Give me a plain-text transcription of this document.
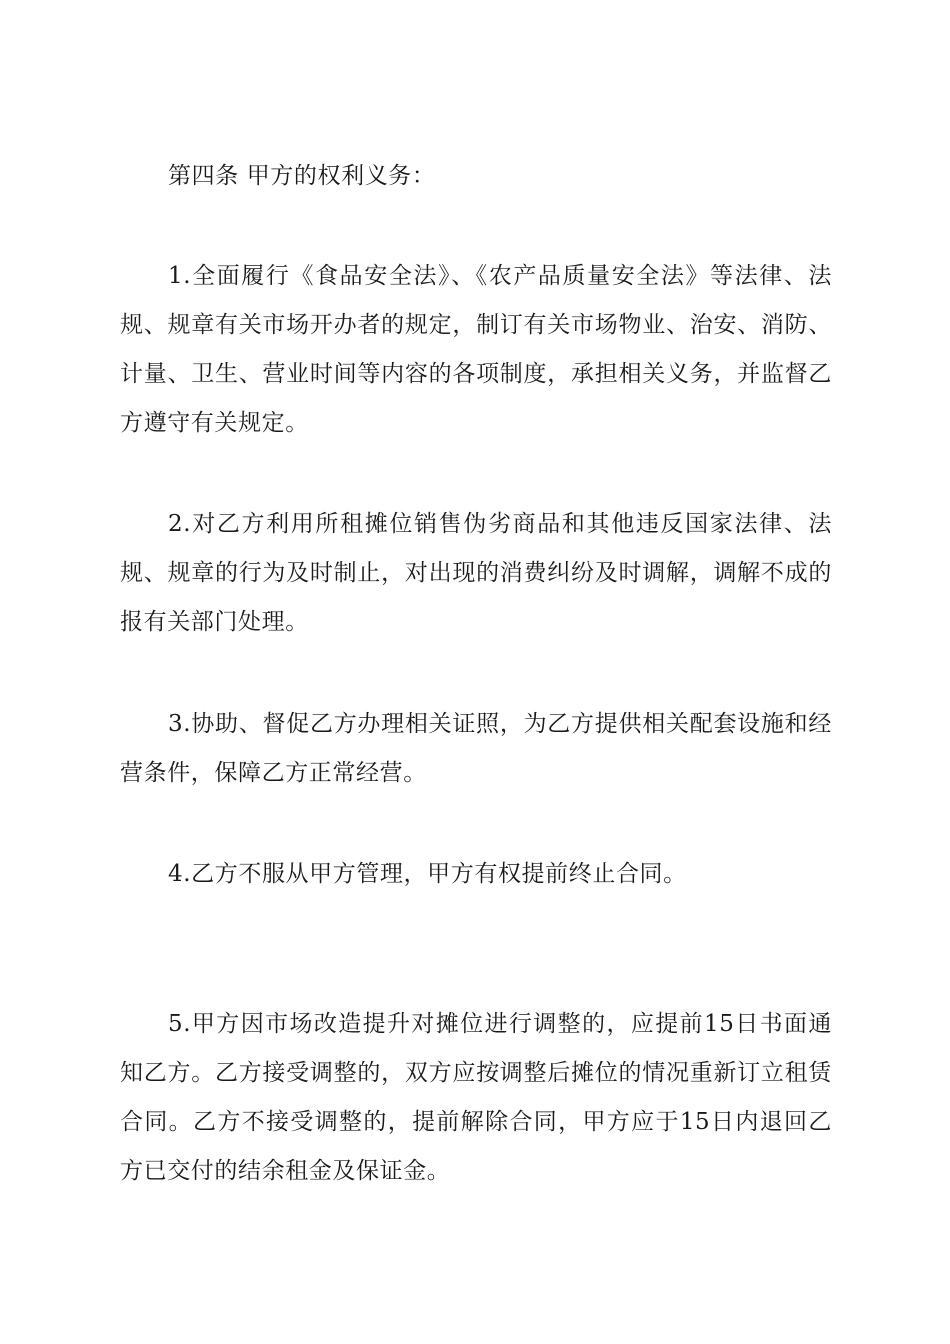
第四条 甲方的权利义务：

1.全面履行《食品安全法》、《农产品质量安全法》等法律、法规、规章有关市场开办者的规定，制订有关市场物业、治安、消防、计量、卫生、营业时间等内容的各项制度，承担相关义务，并监督乙方遵守有关规定。

2.对乙方利用所租摊位销售伪劣商品和其他违反国家法律、法规、规章的行为及时制止，对出现的消费纠纷及时调解，调解不成的报有关部门处理。

3.协助、督促乙方办理相关证照，为乙方提供相关配套设施和经营条件，保障乙方正常经营。

4.乙方不服从甲方管理，甲方有权提前终止合同。

5.甲方因市场改造提升对摊位进行调整的，应提前15日书面通知乙方。乙方接受调整的，双方应按调整后摊位的情况重新订立租赁合同。乙方不接受调整的，提前解除合同，甲方应于15日内退回乙方已交付的结余租金及保证金。
